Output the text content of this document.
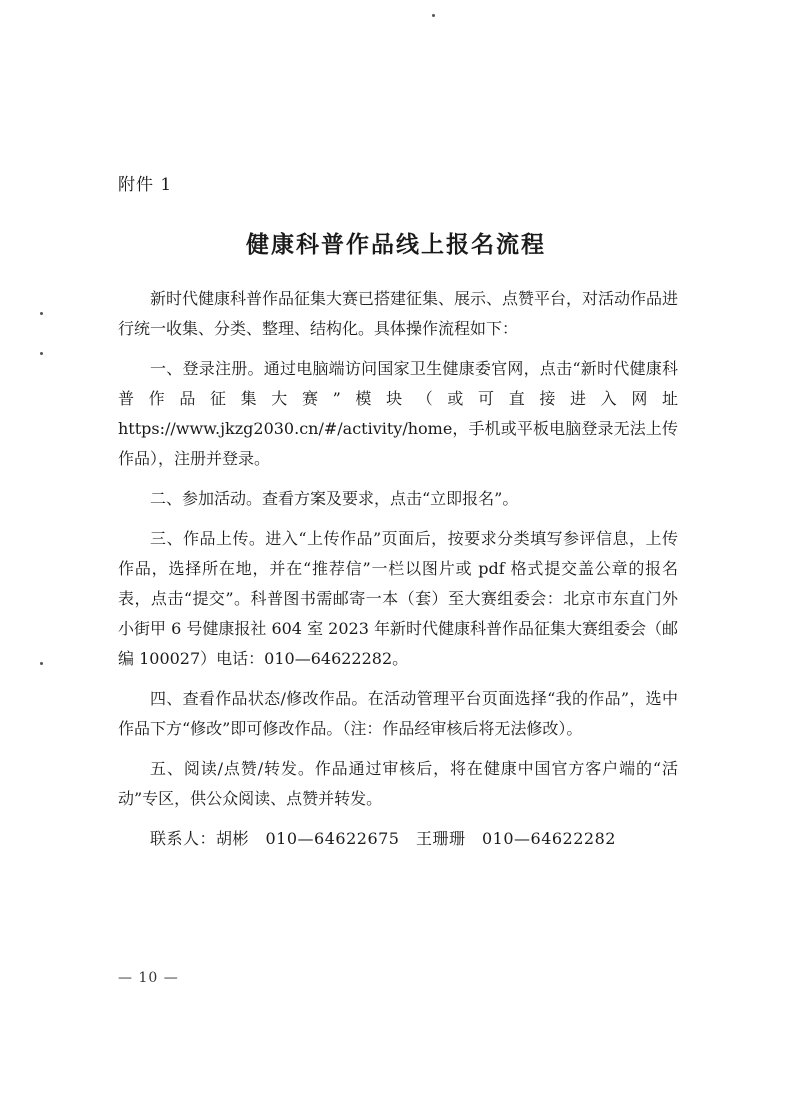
附件 1
健康科普作品线上报名流程

新时代健康科普作品征集大赛已搭建征集、展示、点赞平台，对活动作品进行统一收集、分类、整理、结构化。具体操作流程如下：

一、登录注册。通过电脑端访问国家卫生健康委官网，点击“新时代健康科普作品征集大赛”模块（或可直接进入网址 https://www.jkzg2030.cn/#/activity/home，手机或平板电脑登录无法上传作品），注册并登录。

二、参加活动。查看方案及要求，点击“立即报名”。

三、作品上传。进入“上传作品”页面后，按要求分类填写参评信息，上传作品，选择所在地，并在“推荐信”一栏以图片或 pdf 格式提交盖公章的报名表，点击“提交”。科普图书需邮寄一本（套）至大赛组委会：北京市东直门外小街甲 6 号健康报社 604 室 2023 年新时代健康科普作品征集大赛组委会（邮编 100027）电话：010—64622282。

四、查看作品状态/修改作品。在活动管理平台页面选择“我的作品”，选中作品下方“修改”即可修改作品。（注：作品经审核后将无法修改）。

五、阅读/点赞/转发。作品通过审核后，将在健康中国官方客户端的“活动”专区，供公众阅读、点赞并转发。

联系人：胡彬　010—64622675　王珊珊　010—64622282

— 10 —
